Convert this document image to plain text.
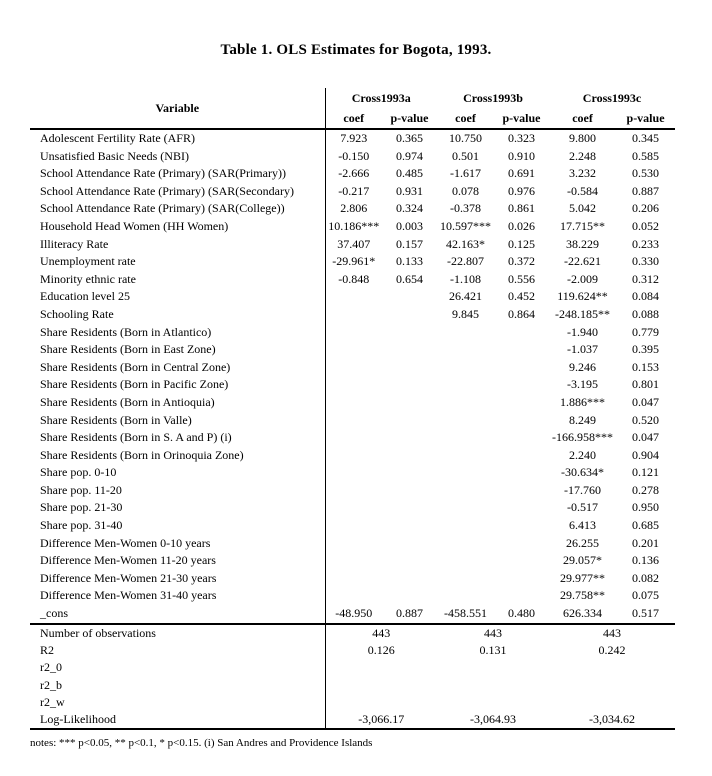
Table 1. OLS Estimates for Bogota, 1993.
Variable	Cross1993a		Cross1993b		Cross1993c	
	coef	p-value	coef	p-value	coef	p-value
Adolescent Fertility Rate (AFR)	7.923	0.365	10.750	0.323	9.800	0.345
Unsatisfied Basic Needs (NBI)	-0.150	0.974	0.501	0.910	2.248	0.585
School Attendance Rate (Primary) (SAR(Primary))	-2.666	0.485	-1.617	0.691	3.232	0.530
School Attendance Rate (Primary) (SAR(Secondary)	-0.217	0.931	0.078	0.976	-0.584	0.887
School Attendance Rate (Primary) (SAR(College))	2.806	0.324	-0.378	0.861	5.042	0.206
Household Head Women (HH Women)	10.186***	0.003	10.597***	0.026	17.715**	0.052
Illiteracy Rate	37.407	0.157	42.163*	0.125	38.229	0.233
Unemployment rate	-29.961*	0.133	-22.807	0.372	-22.621	0.330
Minority ethnic rate	-0.848	0.654	-1.108	0.556	-2.009	0.312
Education level 25			26.421	0.452	119.624**	0.084
Schooling Rate			9.845	0.864	-248.185**	0.088
Share Residents (Born in Atlantico)					-1.940	0.779
Share Residents (Born in East Zone)					-1.037	0.395
Share Residents (Born in Central Zone)					9.246	0.153
Share Residents (Born in Pacific Zone)					-3.195	0.801
Share Residents (Born in Antioquia)					1.886***	0.047
Share Residents (Born in Valle)					8.249	0.520
Share Residents (Born in S. A and P) (i)					-166.958***	0.047
Share Residents (Born in Orinoquia Zone)					2.240	0.904
Share pop. 0-10					-30.634*	0.121
Share pop. 11-20					-17.760	0.278
Share pop. 21-30					-0.517	0.950
Share pop. 31-40					6.413	0.685
Difference Men-Women 0-10 years					26.255	0.201
Difference Men-Women 11-20 years					29.057*	0.136
Difference Men-Women 21-30 years					29.977**	0.082
Difference Men-Women 31-40 years					29.758**	0.075
_cons	-48.950	0.887	-458.551	0.480	626.334	0.517
Number of observations	443		443		443	
R2	0.126		0.131		0.242	
r2_0						
r2_b						
r2_w						
Log-Likelihood	-3,066.17		-3,064.93		-3,034.62	

notes: *** p<0.05, ** p<0.1, * p<0.15. (i) San Andres and Providence Islands
